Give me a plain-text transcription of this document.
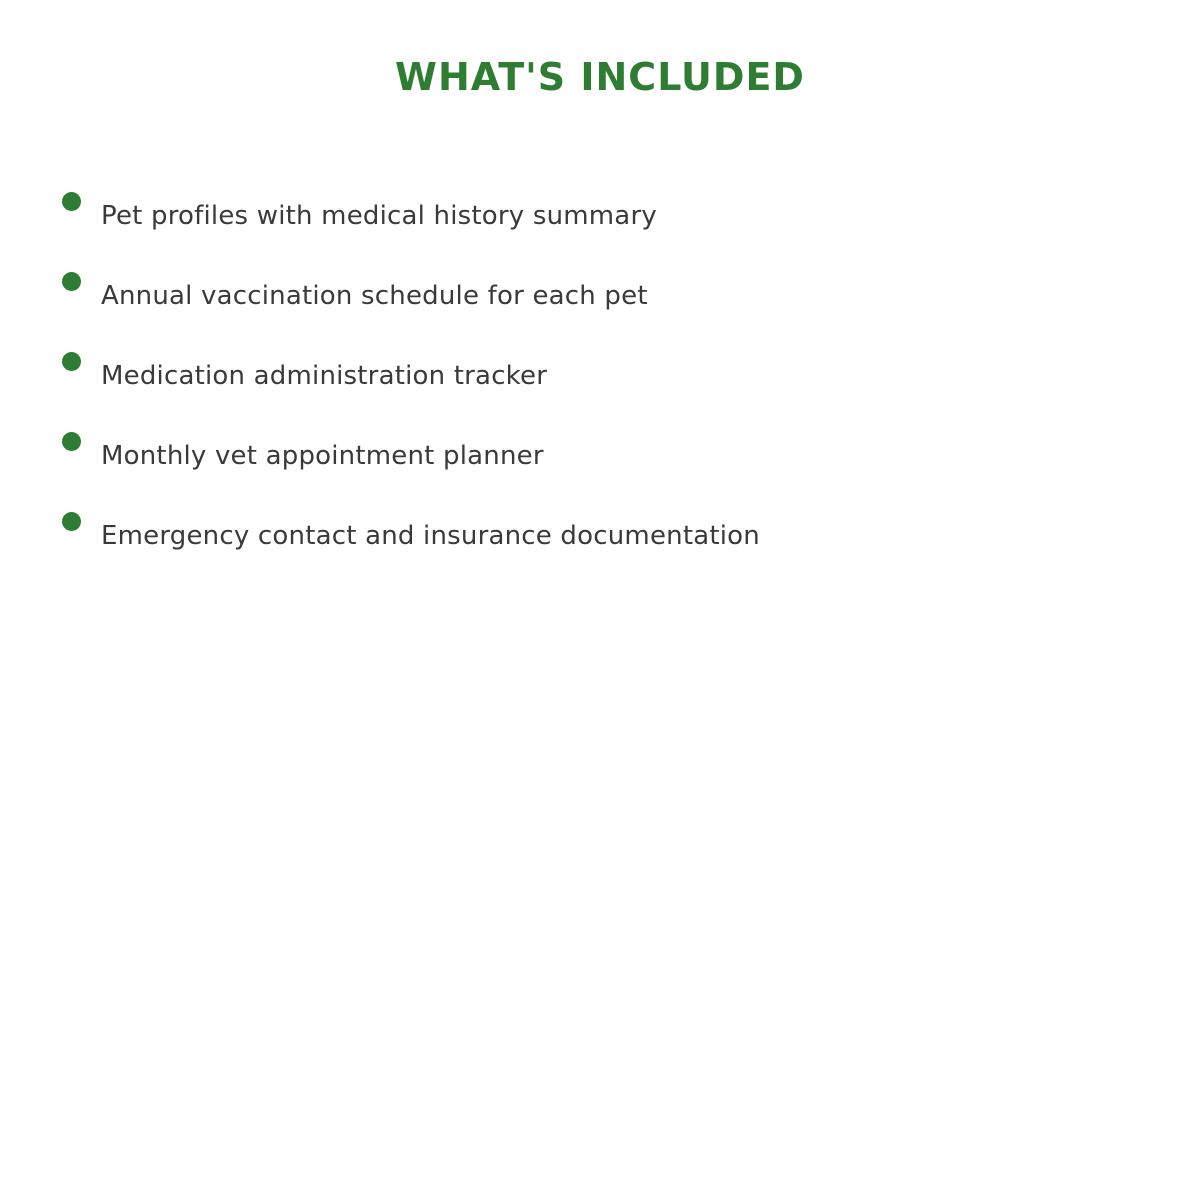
WHAT'S INCLUDED
Pet profiles with medical history summary
Annual vaccination schedule for each pet
Medication administration tracker
Monthly vet appointment planner
Emergency contact and insurance documentation
